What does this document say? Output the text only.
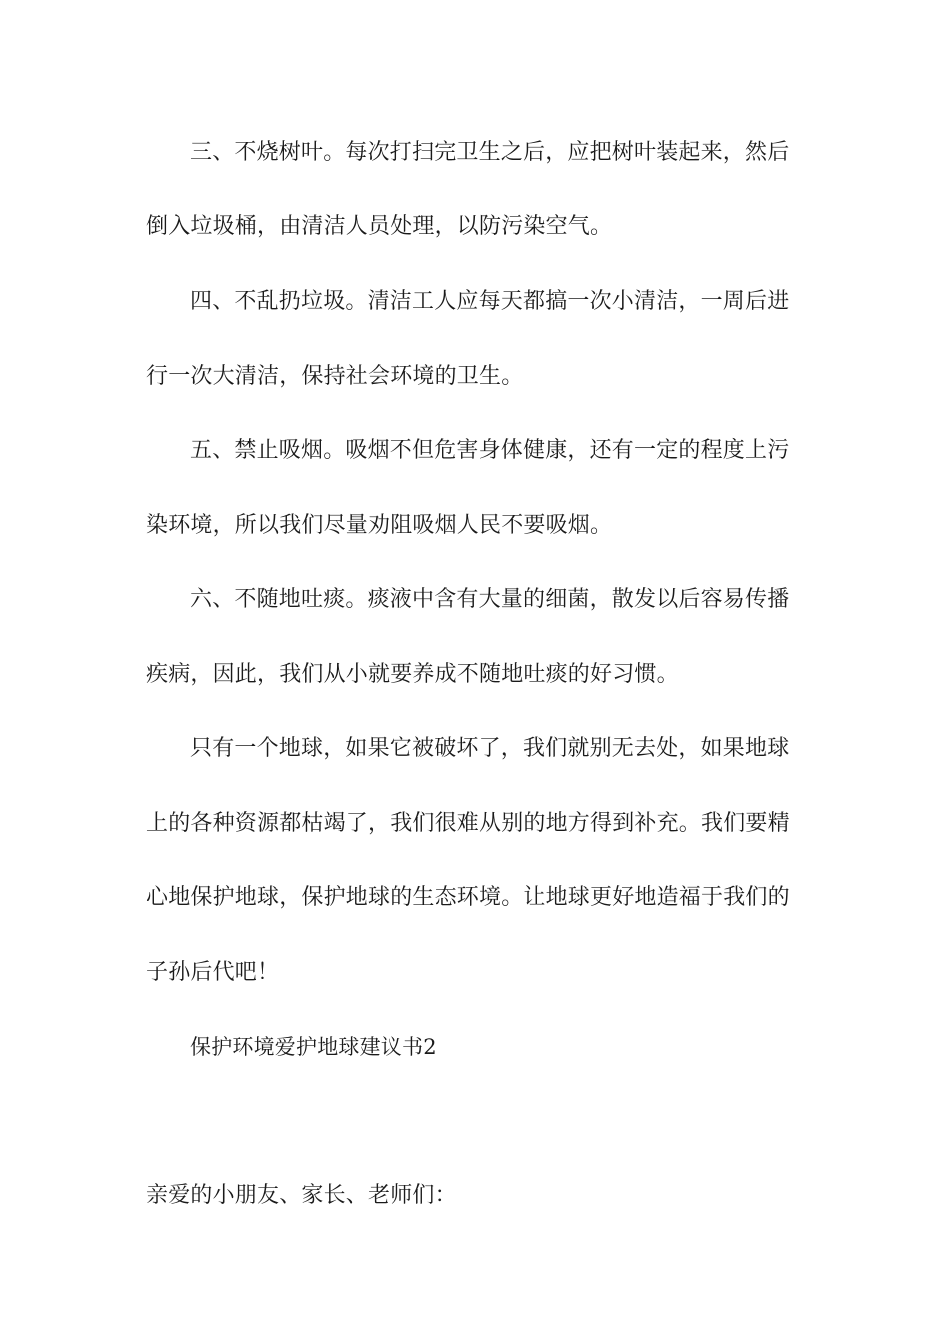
三、不烧树叶。每次打扫完卫生之后，应把树叶装起来，然后
倒入垃圾桶，由清洁人员处理，以防污染空气。
四、不乱扔垃圾。清洁工人应每天都搞一次小清洁，一周后进
行一次大清洁，保持社会环境的卫生。
五、禁止吸烟。吸烟不但危害身体健康，还有一定的程度上污
染环境，所以我们尽量劝阻吸烟人民不要吸烟。
六、不随地吐痰。痰液中含有大量的细菌，散发以后容易传播
疾病，因此，我们从小就要养成不随地吐痰的好习惯。
只有一个地球，如果它被破坏了，我们就别无去处，如果地球
上的各种资源都枯竭了，我们很难从别的地方得到补充。我们要精
心地保护地球，保护地球的生态环境。让地球更好地造福于我们的
子孙后代吧！
保护环境爱护地球建议书2
亲爱的小朋友、家长、老师们：
